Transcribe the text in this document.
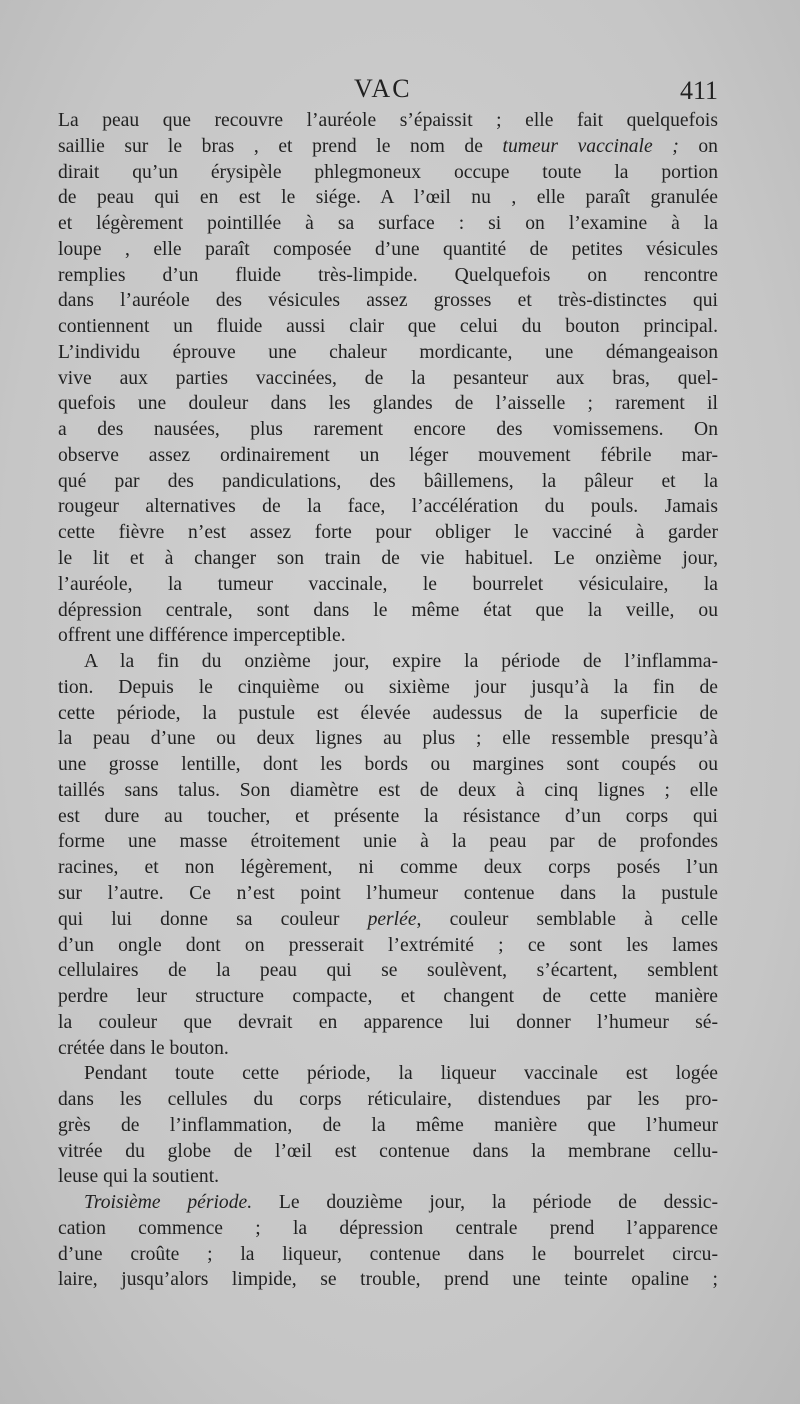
VAC	411
La peau que recouvre l’auréole s’épaissit ; elle fait quelquefois
saillie sur le bras , et prend le nom de tumeur vaccinale ; on
dirait qu’un érysipèle phlegmoneux occupe toute la portion
de peau qui en est le siége. A l’œil nu , elle paraît granulée
et légèrement pointillée à sa surface : si on l’examine à la
loupe , elle paraît composée d’une quantité de petites vésicules
remplies d’un fluide très-limpide. Quelquefois on rencontre
dans l’auréole des vésicules assez grosses et très-distinctes qui
contiennent un fluide aussi clair que celui du bouton principal.
L’individu éprouve une chaleur mordicante, une démangeaison
vive aux parties vaccinées, de la pesanteur aux bras, quel-
quefois une douleur dans les glandes de l’aisselle ; rarement il
a des nausées, plus rarement encore des vomissemens. On
observe assez ordinairement un léger mouvement fébrile mar-
qué par des pandiculations, des bâillemens, la pâleur et la
rougeur alternatives de la face, l’accélération du pouls. Jamais
cette fièvre n’est assez forte pour obliger le vacciné à garder
le lit et à changer son train de vie habituel. Le onzième jour,
l’auréole, la tumeur vaccinale, le bourrelet vésiculaire, la
dépression centrale, sont dans le même état que la veille, ou
offrent une différence imperceptible.
A la fin du onzième jour, expire la période de l’inflamma-
tion. Depuis le cinquième ou sixième jour jusqu’à la fin de
cette période, la pustule est élevée audessus de la superficie de
la peau d’une ou deux lignes au plus ; elle ressemble presqu’à
une grosse lentille, dont les bords ou margines sont coupés ou
taillés sans talus. Son diamètre est de deux à cinq lignes ; elle
est dure au toucher, et présente la résistance d’un corps qui
forme une masse étroitement unie à la peau par de profondes
racines, et non légèrement, ni comme deux corps posés l’un
sur l’autre. Ce n’est point l’humeur contenue dans la pustule
qui lui donne sa couleur perlée, couleur semblable à celle
d’un ongle dont on presserait l’extrémité ; ce sont les lames
cellulaires de la peau qui se soulèvent, s’écartent, semblent
perdre leur structure compacte, et changent de cette manière
la couleur que devrait en apparence lui donner l’humeur sé-
crétée dans le bouton.
Pendant toute cette période, la liqueur vaccinale est logée
dans les cellules du corps réticulaire, distendues par les pro-
grès de l’inflammation, de la même manière que l’humeur
vitrée du globe de l’œil est contenue dans la membrane cellu-
leuse qui la soutient.
Troisième période. Le douzième jour, la période de dessic-
cation commence ; la dépression centrale prend l’apparence
d’une croûte ; la liqueur, contenue dans le bourrelet circu-
laire, jusqu’alors limpide, se trouble, prend une teinte opaline ;
